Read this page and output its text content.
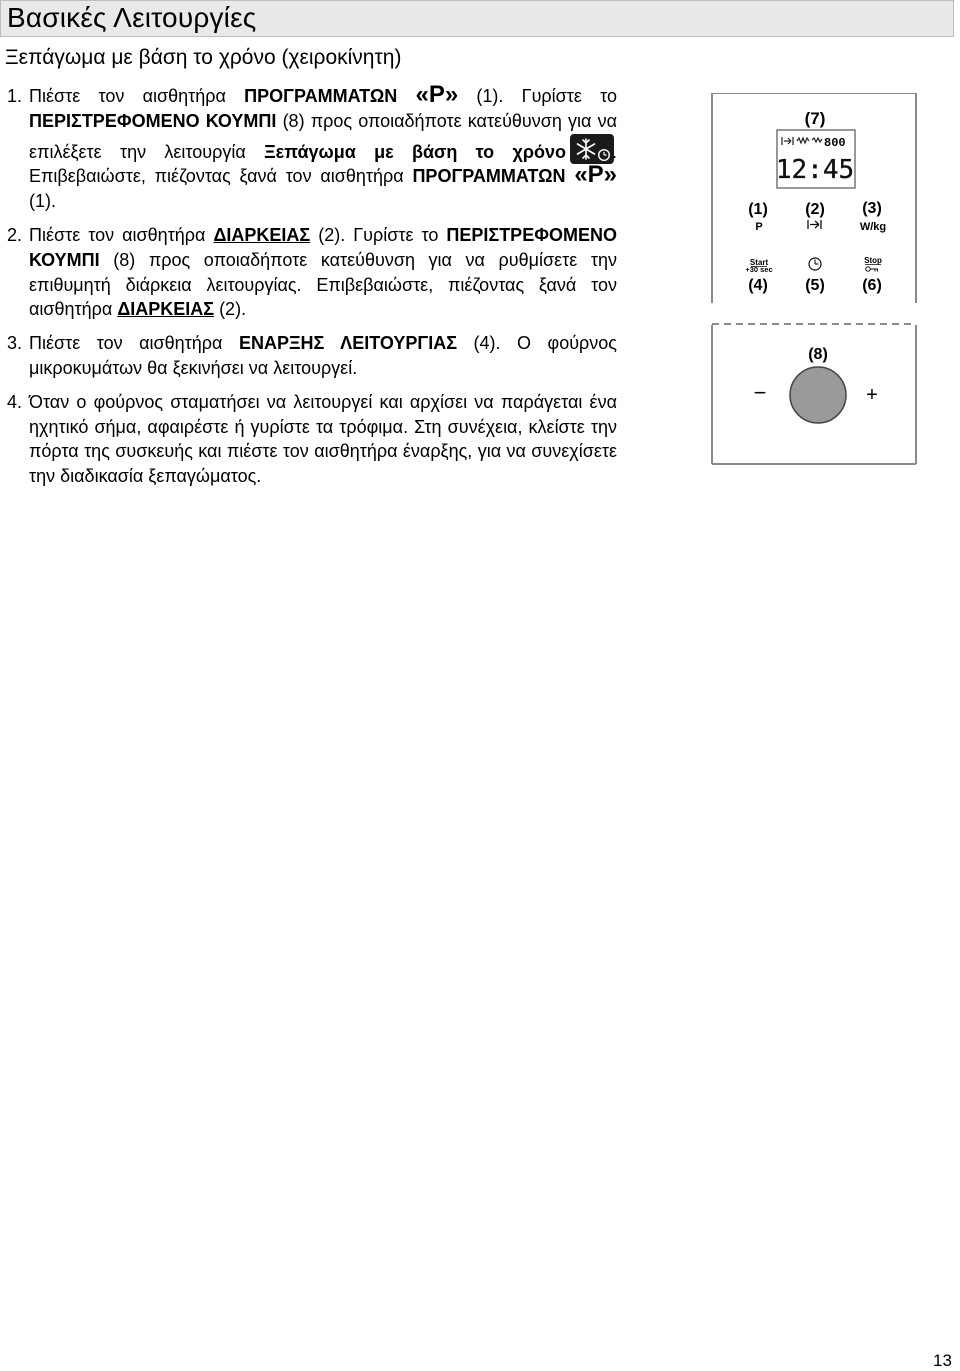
Βασικές Λειτουργίες
Ξεπάγωμα με βάση το χρόνο (χειροκίνητη)

1. Πιέστε τον αισθητήρα ΠΡΟΓΡΑΜΜΑΤΩΝ «P» (1). Γυρίστε το ΠΕΡΙΣΤΡΕΦΟΜΕΝΟ ΚΟΥΜΠΙ (8) προς οποιαδήποτε κατεύθυνση για να επιλέξετε την λειτουργία Ξεπάγωμα με βάση το χρόνο	. Επιβεβαιώστε, πιέζοντας ξανά τον αισθητήρα ΠΡΟΓΡΑΜΜΑΤΩΝ «P» (1).

2. Πιέστε τον αισθητήρα ΔΙΑΡΚΕΙΑΣ (2). Γυρίστε το ΠΕΡΙΣΤΡΕΦΟΜΕΝΟ ΚΟΥΜΠΙ (8) προς οποιαδήποτε κατεύθυνση για να ρυθμίσετε την επιθυμητή διάρκεια λειτουργίας. Επιβεβαιώστε, πιέζοντας ξανά τον αισθητήρα ΔΙΑΡΚΕΙΑΣ (2).

3. Πιέστε τον αισθητήρα ΕΝΑΡΞΗΣ ΛΕΙΤΟΥΡΓΙΑΣ (4). Ο φούρνος μικροκυμάτων θα ξεκινήσει να λειτουργεί.

4. Όταν ο φούρνος σταματήσει να λειτουργεί και αρχίσει να παράγεται ένα ηχητικό σήμα, αφαιρέστε ή γυρίστε τα τρόφιμα. Στη συνέχεια, κλείστε την πόρτα της συσκευής και πιέστε τον αισθητήρα έναρξης, για να συνεχίσετε την διαδικασία ξεπαγώματος.

(7)
800
12:45
(1)
P
(2) (3)
W/kg
Start
+30 sec
(4) (5)
Stop
(6)
(8)
−	+
13
